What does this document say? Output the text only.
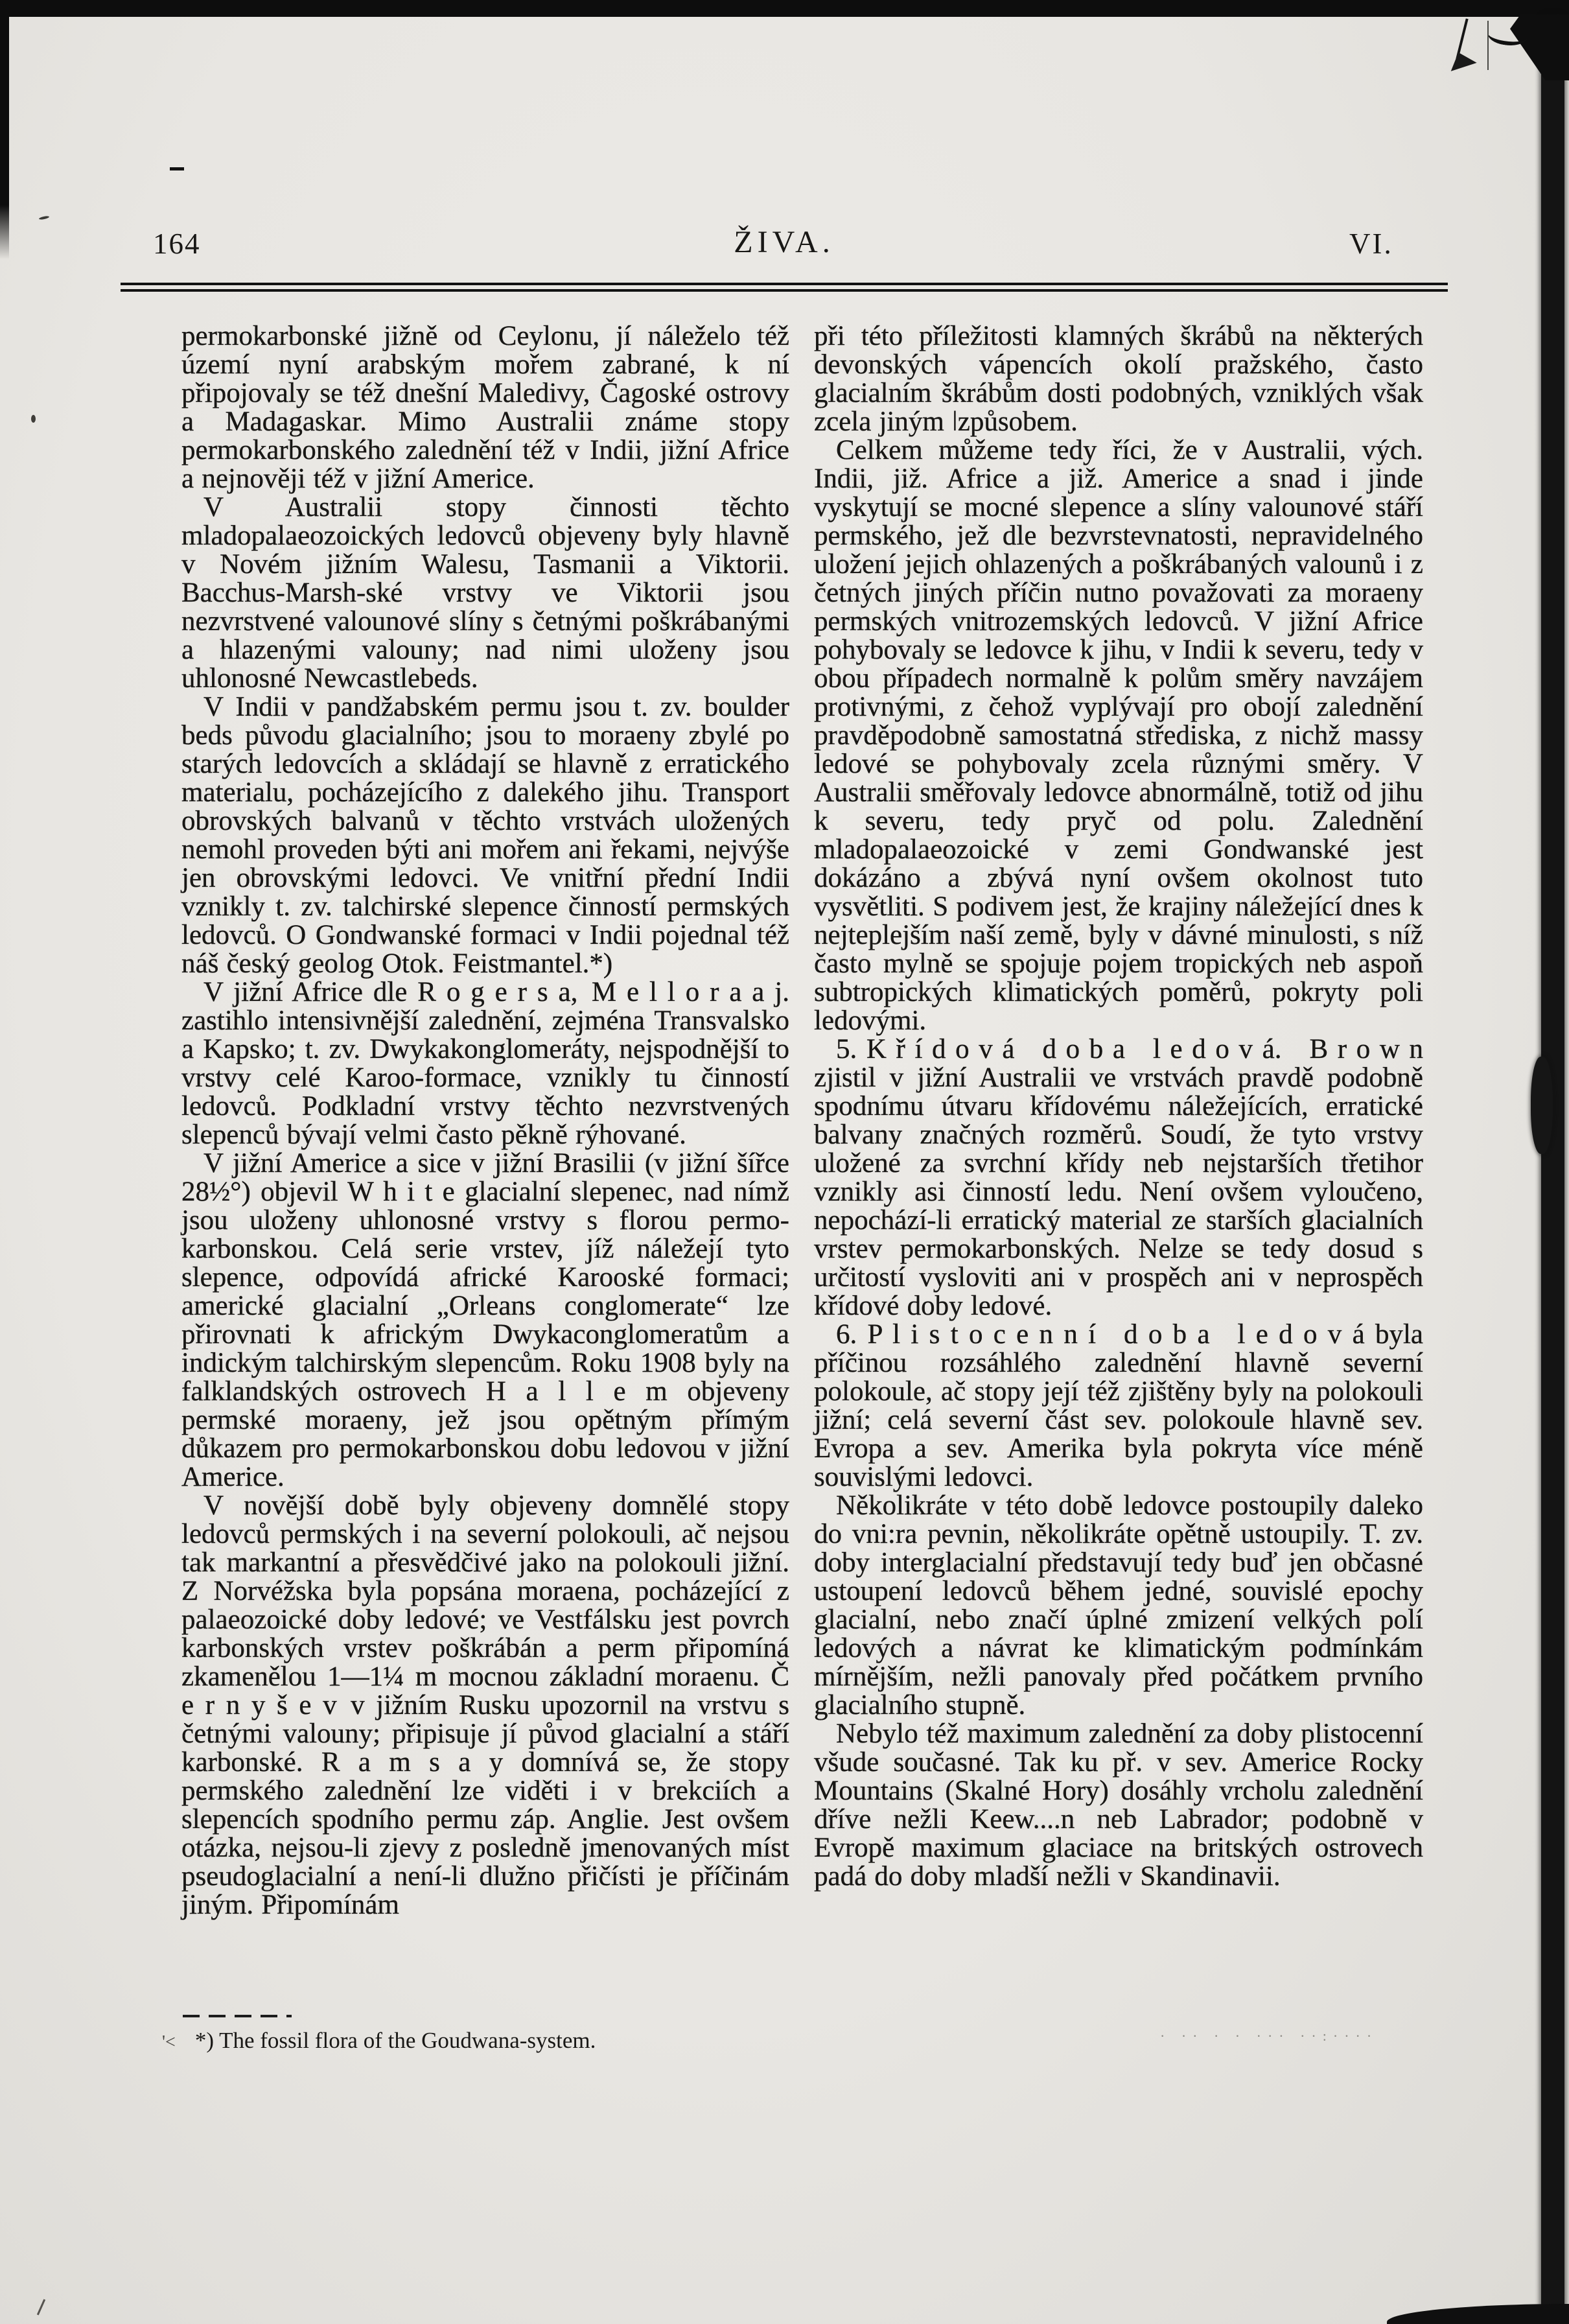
164	ŽIVA.	VI.

permokarbonské jižně od Ceylonu, jí náleželo též území nyní arabským mořem zabrané, k ní připojovaly se též dnešní Maledivy, Čagoské ostrovy a Madagaskar. Mimo Australii známe stopy permokarbonského zalednění též v Indii, jižní Africe a nejnověji též v jižní Americe.

V Australii stopy činnosti těchto mladopalaeozoických ledovců objeveny byly hlavně v Novém jižním Walesu, Tasmanii a Viktorii. Bacchus-Marsh-ské vrstvy ve Viktorii jsou nezvrstvené valounové slíny s četnými poškrábanými a hlazenými valouny; nad nimi uloženy jsou uhlonosné Newcastlebeds.

V Indii v pandžabském permu jsou t. zv. boulder beds původu glacialního; jsou to moraeny zbylé po starých ledovcích a skládají se hlavně z erratického materialu, pocházejícího z dalekého jihu. Transport obrovských balvanů v těchto vrstvách uložených nemohl proveden býti ani mořem ani řekami, nejvýše jen obrovskými ledovci. Ve vnitřní přední Indii vznikly t. zv. talchirské slepence činností permských ledovců. O Gondwanské formaci v Indii pojednal též náš český geolog Otok. Feistmantel.*)

V jižní Africe dle R o g e r s a, M e l l o r a a j. zastihlo intensivnější zalednění, zejména Transvalsko a Kapsko; t. zv. Dwykakonglomeráty, nejspodnější to vrstvy celé Karoo-formace, vznikly tu činností ledovců. Podkladní vrstvy těchto nezvrstvených slepenců bývají velmi často pěkně rýhované.

V jižní Americe a sice v jižní Brasilii (v jižní šířce 28½°) objevil W h i t e glacialní slepenec, nad nímž jsou uloženy uhlonosné vrstvy s florou permo-karbonskou. Celá serie vrstev, jíž náležejí tyto slepence, odpovídá africké Karooské formaci; americké glacialní „Orleans conglomerate“ lze přirovnati k africkým Dwykaconglomeratům a indickým talchirským slepencům. Roku 1908 byly na falklandských ostrovech H a l l e m objeveny permské moraeny, jež jsou opětným přímým důkazem pro permokarbonskou dobu ledovou v jižní Americe.

V novější době byly objeveny domnělé stopy ledovců permských i na severní polokouli, ač nejsou tak markantní a přesvědčivé jako na polokouli jižní. Z Norvéžska byla popsána moraena, pocházející z palaeozoické doby ledové; ve Vestfálsku jest povrch karbonských vrstev poškrábán a perm připomíná zkamenělou 1—1¼ m mocnou základní moraenu. Č e r n y š e v v jižním Rusku upozornil na vrstvu s četnými valouny; připisuje jí původ glacialní a stáří karbonské. R a m s a y domnívá se, že stopy permského zalednění lze viděti i v brekciích a slepencích spodního permu záp. Anglie. Jest ovšem otázka, nejsou-li zjevy z posledně jmenovaných míst pseudoglacialní a není-li dlužno přičísti je příčinám jiným. Připomínám

při této příležitosti klamných škrábů na některých devonských vápencích okolí pražského, často glacialním škrábům dosti podobných, vzniklých však zcela jiným ǀzpůsobem.

Celkem můžeme tedy říci, že v Australii, vých. Indii, již. Africe a již. Americe a snad i jinde vyskytují se mocné slepence a slíny valounové stáří permského, jež dle bezvrstevnatosti, nepravidelného uložení jejich ohlazených a poškrábaných valounů i z četných jiných příčin nutno považovati za moraeny permských vnitrozemských ledovců. V jižní Africe pohybovaly se ledovce k jihu, v Indii k severu, tedy v obou případech normalně k polům směry navzájem protivnými, z čehož vyplývají pro obojí zalednění pravděpodobně samostatná střediska, z nichž massy ledové se pohybovaly zcela různými směry. V Australii směřovaly ledovce abnormálně, totiž od jihu k severu, tedy pryč od polu. Zalednění mladopalaeozoické v zemi Gondwanské jest dokázáno a zbývá nyní ovšem okolnost tuto vysvětliti. S podivem jest, že krajiny náležející dnes k nejteplejším naší země, byly v dávné minulosti, s níž často mylně se spojuje pojem tropických neb aspoň subtropických klimatických poměrů, pokryty poli ledovými.

5. K ř í d o v á d o b a l e d o v á. B r o w n zjistil v jižní Australii ve vrstvách pravdě podobně spodnímu útvaru křídovému náležejících, erratické balvany značných rozměrů. Soudí, že tyto vrstvy uložené za svrchní křídy neb nejstarších třetihor vznikly asi činností ledu. Není ovšem vyloučeno, nepochází-li erratický material ze starších glacialních vrstev permokarbonských. Nelze se tedy dosud s určitostí vysloviti ani v prospěch ani v neprospěch křídové doby ledové.

6. P l i s t o c e n n í d o b a l e d o v á byla příčinou rozsáhlého zalednění hlavně severní polokoule, ač stopy její též zjištěny byly na polokouli jižní; celá severní část sev. polokoule hlavně sev. Evropa a sev. Amerika byla pokryta více méně souvislými ledovci.

Několikráte v této době ledovce postoupily daleko do vni:ra pevnin, několikráte opětně ustoupily. T. zv. doby interglacialní představují tedy buď jen občasné ustoupení ledovců během jedné, souvislé epochy glacialní, nebo značí úplné zmizení velkých polí ledových a návrat ke klimatickým podmínkám mírnějším, nežli panovaly před počátkem prvního glacialního stupně.

Nebylo též maximum zalednění za doby plistocenní všude současné. Tak ku př. v sev. Americe Rocky Mountains (Skalné Hory) dosáhly vrcholu zalednění dříve nežli Keew....n neb Labrador; podobně v Evropě maximum glaciace na britských ostrovech padá do doby mladší nežli v Skandinavii.

'< *) The fossil flora of the Goudwana-system.	· ·· · · ··· ··:····
